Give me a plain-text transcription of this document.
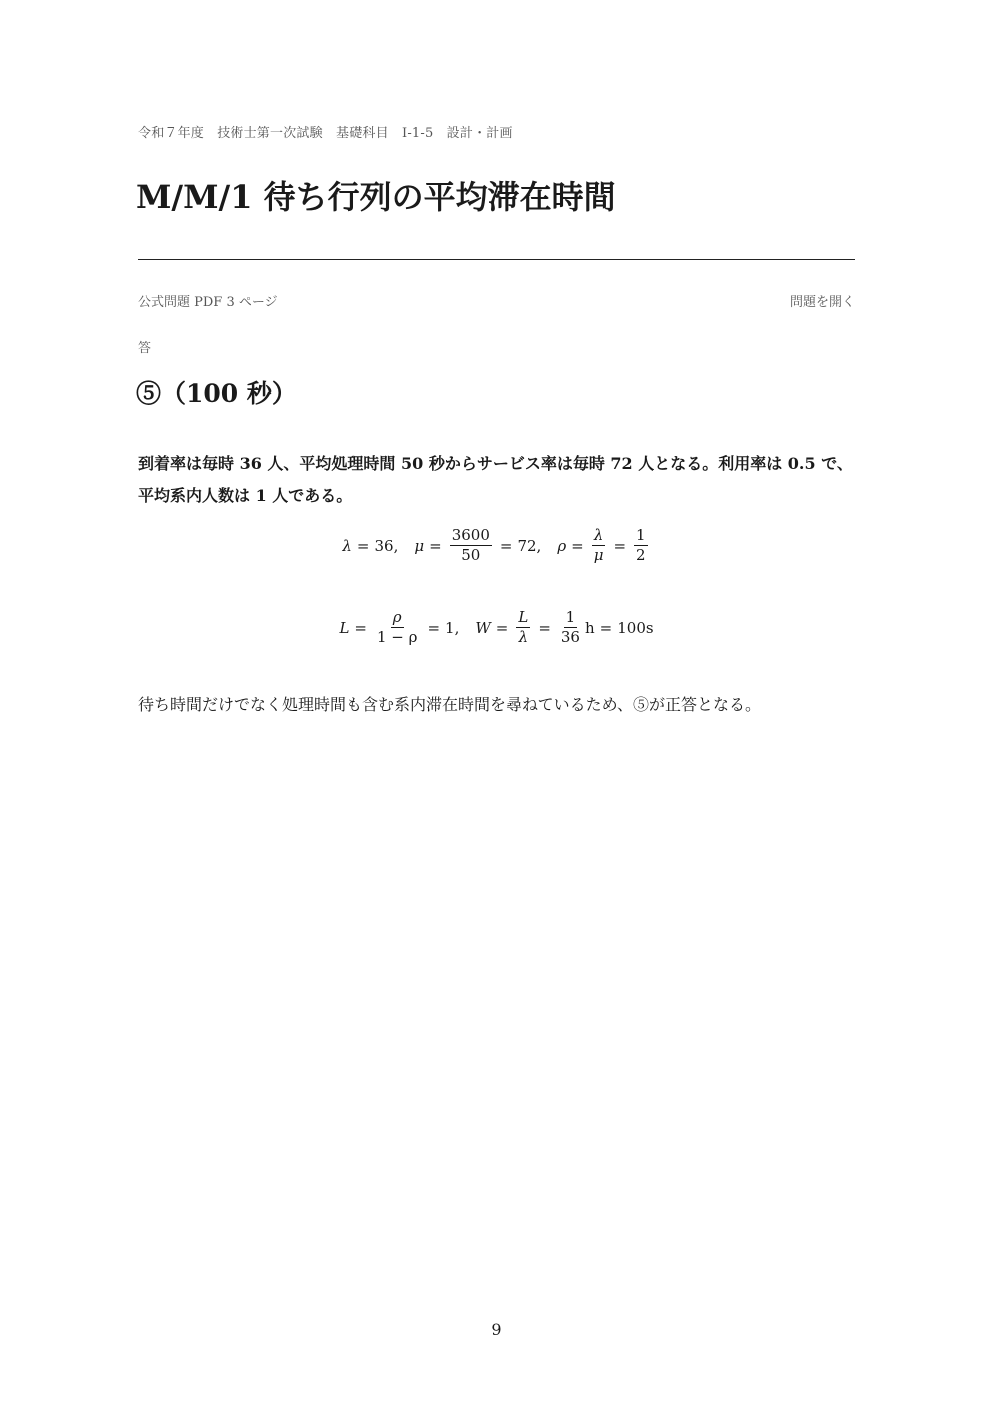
令和７年度　技術士第一次試験　基礎科目　I-1-5　設計・計画
M/M/1 待ち行列の平均滞在時間
公式問題 PDF 3 ページ	問題を開く
答
⑤（100 秒）

到着率は毎時 36 人、平均処理時間 50 秒からサービス率は毎時 72 人となる。利用率は 0.5 で、平均系内人数は 1 人である。

λ = 36, $\mu = \frac{3600}{50} = 72$, $\rho = \frac{\lambda}{\mu} = \frac{1}{2}$
$L = \frac{\rho}{1 - \rho} = 1$, $W = \frac{L}{\lambda} = \frac{1}{36}$ h = 100s

待ち時間だけでなく処理時間も含む系内滞在時間を尋ねているため、⑤が正答となる。

9
